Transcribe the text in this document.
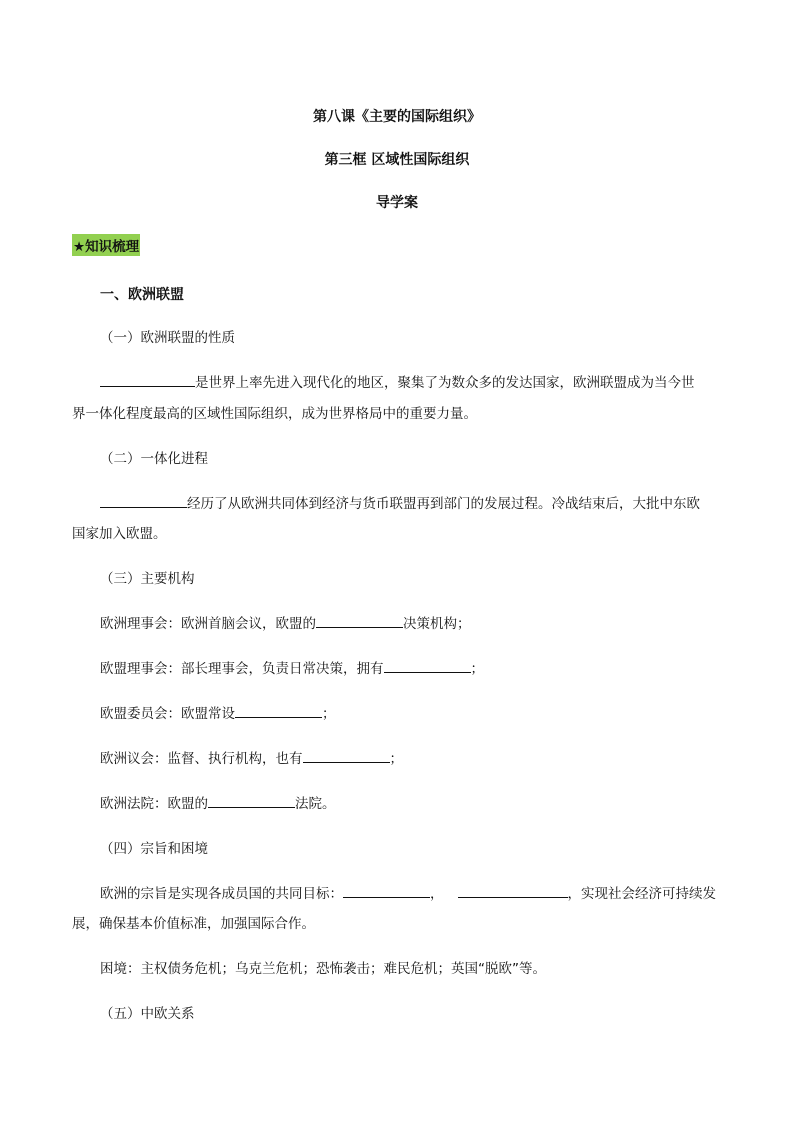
第八课《主要的国际组织》
第三框 区域性国际组织
导学案
★知识梳理
一、欧洲联盟
（一）欧洲联盟的性质
是世界上率先进入现代化的地区，聚集了为数众多的发达国家，欧洲联盟成为当今世
界一体化程度最高的区域性国际组织，成为世界格局中的重要力量。
（二）一体化进程
经历了从欧洲共同体到经济与货币联盟再到部门的发展过程。冷战结束后，大批中东欧
国家加入欧盟。
（三）主要机构
欧洲理事会：欧洲首脑会议，欧盟的	决策机构；
欧盟理事会：部长理事会，负责日常决策，拥有	；
欧盟委员会：欧盟常设	；
欧洲议会：监督、执行机构，也有	；
欧洲法院：欧盟的	法院。
（四）宗旨和困境
欧洲的宗旨是实现各成员国的共同目标：	，	，实现社会经济可持续发
展，确保基本价值标准，加强国际合作。
困境：主权债务危机；乌克兰危机；恐怖袭击；难民危机；英国“脱欧”等。
（五）中欧关系
